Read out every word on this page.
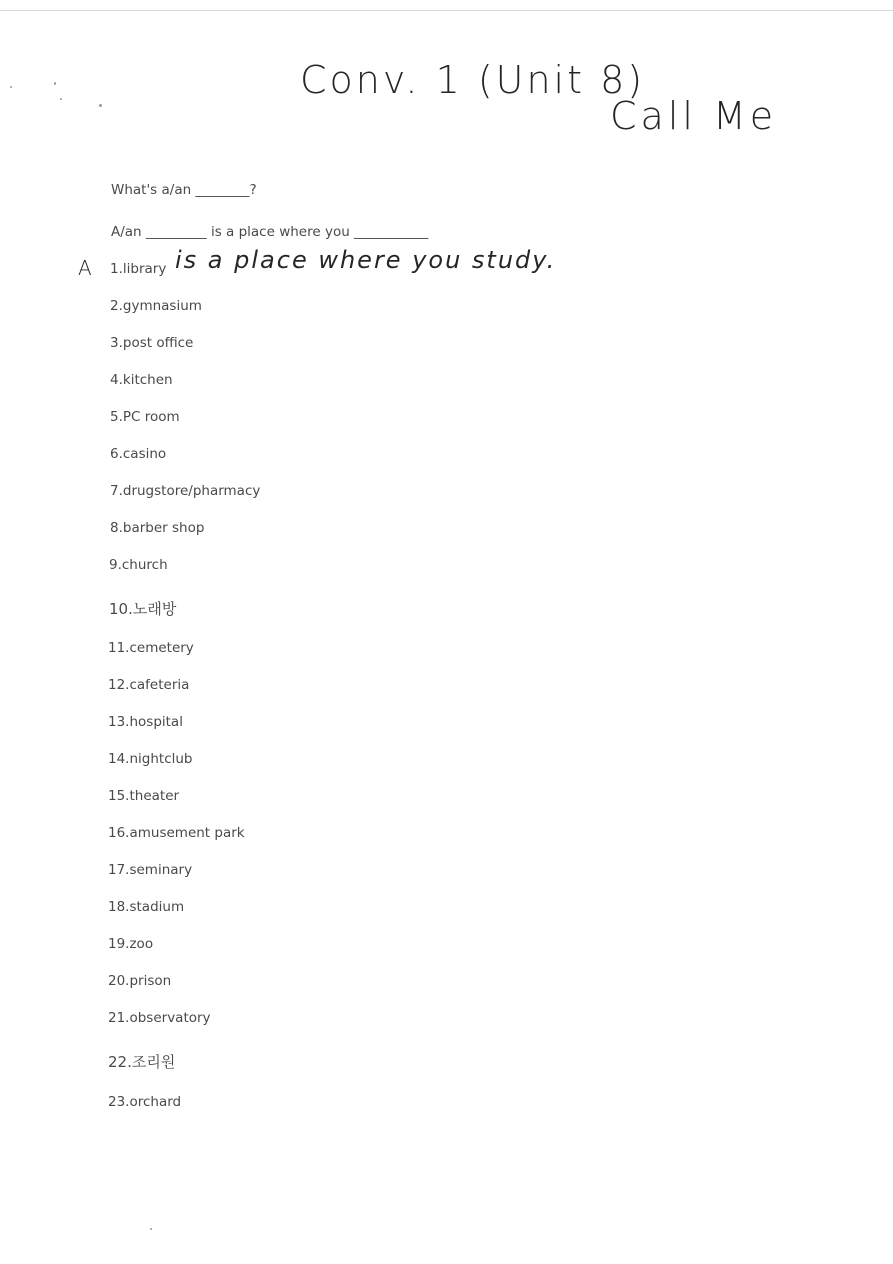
Conv. 1 (Unit 8)
Call Me
What's a/an ________?
A/an _________ is a place where you ___________
A	is a place where you study.
1.library
2.gymnasium
3.post office
4.kitchen
5.PC room
6.casino
7.drugstore/pharmacy
8.barber shop
9.church
10.노래방
11.cemetery
12.cafeteria
13.hospital
14.nightclub
15.theater
16.amusement park
17.seminary
18.stadium
19.zoo
20.prison
21.observatory
22.조리원
23.orchard
